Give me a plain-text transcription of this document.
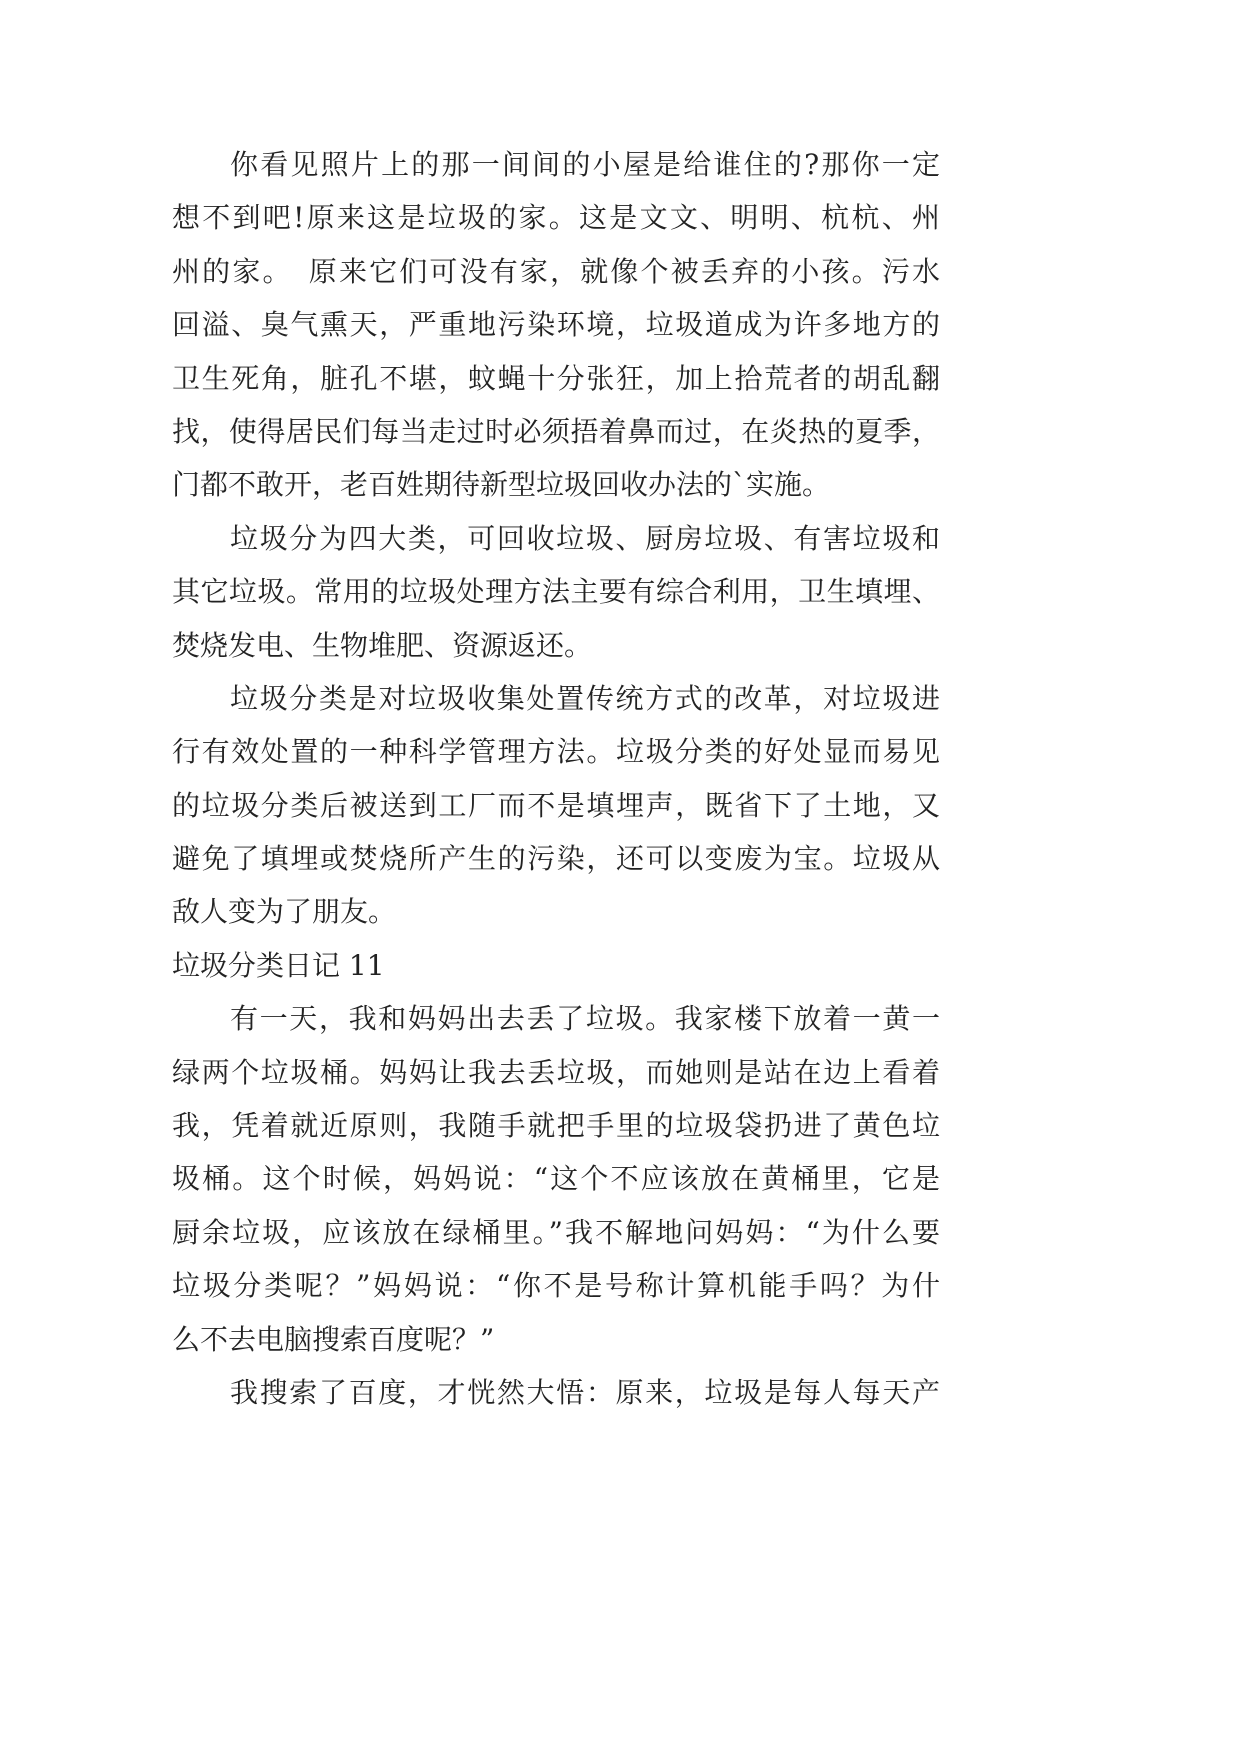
你看见照片上的那一间间的小屋是给谁住的?那你一定
想不到吧!原来这是垃圾的家。这是文文、明明、杭杭、州
州的家。　原来它们可没有家，就像个被丢弃的小孩。污水
回溢、臭气熏天，严重地污染环境，垃圾道成为许多地方的
卫生死角，脏孔不堪，蚊蝇十分张狂，加上拾荒者的胡乱翻
找，使得居民们每当走过时必须捂着鼻而过，在炎热的夏季，
门都不敢开，老百姓期待新型垃圾回收办法的`实施。
垃圾分为四大类，可回收垃圾、厨房垃圾、有害垃圾和
其它垃圾。常用的垃圾处理方法主要有综合利用，卫生填埋、
焚烧发电、生物堆肥、资源返还。
垃圾分类是对垃圾收集处置传统方式的改革，对垃圾进
行有效处置的一种科学管理方法。垃圾分类的好处显而易见
的垃圾分类后被送到工厂而不是填埋声，既省下了土地，又
避免了填埋或焚烧所产生的污染，还可以变废为宝。垃圾从
敌人变为了朋友。
垃圾分类日记 11
有一天，我和妈妈出去丢了垃圾。我家楼下放着一黄一
绿两个垃圾桶。妈妈让我去丢垃圾，而她则是站在边上看着
我，凭着就近原则，我随手就把手里的垃圾袋扔进了黄色垃
圾桶。这个时候，妈妈说：“这个不应该放在黄桶里，它是
厨余垃圾，应该放在绿桶里。”我不解地问妈妈：“为什么要
垃圾分类呢？”妈妈说：“你不是号称计算机能手吗？为什
么不去电脑搜索百度呢？”
我搜索了百度，才恍然大悟：原来，垃圾是每人每天产
